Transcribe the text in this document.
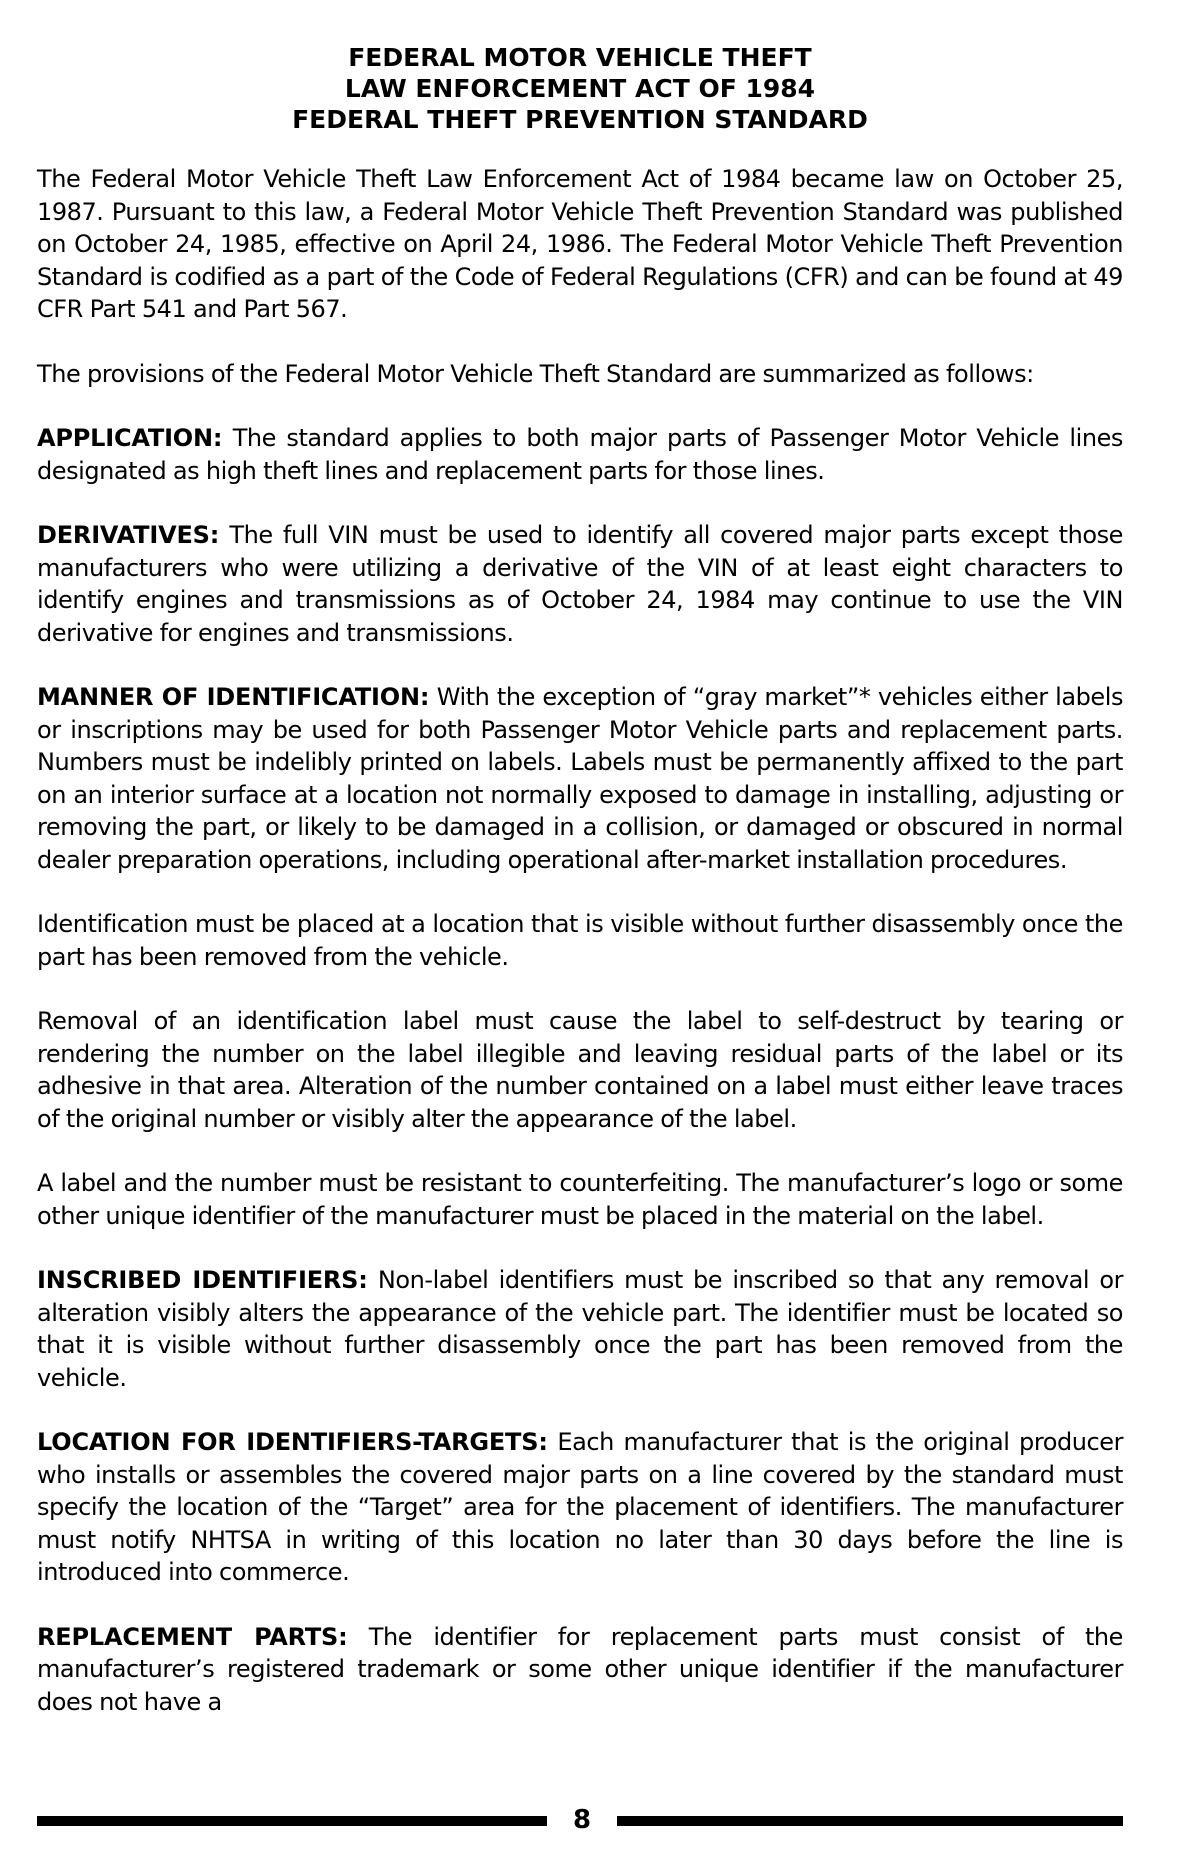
FEDERAL MOTOR VEHICLE THEFT
LAW ENFORCEMENT ACT OF 1984
FEDERAL THEFT PREVENTION STANDARD

The Federal Motor Vehicle Theft Law Enforcement Act of 1984 became law on October 25, 1987. Pursuant to this law, a Federal Motor Vehicle Theft Prevention Standard was published on October 24, 1985, effective on April 24, 1986. The Federal Motor Vehicle Theft Prevention Standard is codified as a part of the Code of Federal Regulations (CFR) and can be found at 49 CFR Part 541 and Part 567.

The provisions of the Federal Motor Vehicle Theft Standard are summarized as follows:

APPLICATION: The standard applies to both major parts of Passenger Motor Vehicle lines designated as high theft lines and replacement parts for those lines.

DERIVATIVES: The full VIN must be used to identify all covered major parts except those manufacturers who were utilizing a derivative of the VIN of at least eight characters to identify engines and transmissions as of October 24, 1984 may continue to use the VIN derivative for engines and transmissions.

MANNER OF IDENTIFICATION: With the exception of “gray market”* vehicles either labels or inscriptions may be used for both Passenger Motor Vehicle parts and replacement parts. Numbers must be indelibly printed on labels. Labels must be permanently affixed to the part on an interior surface at a location not normally exposed to damage in installing, adjusting or removing the part, or likely to be damaged in a collision, or damaged or obscured in normal dealer preparation operations, including operational after-market installation procedures.

Identification must be placed at a location that is visible without further disassembly once the part has been removed from the vehicle.

Removal of an identification label must cause the label to self-destruct by tearing or rendering the number on the label illegible and leaving residual parts of the label or its adhesive in that area. Alteration of the number contained on a label must either leave traces of the original number or visibly alter the appearance of the label.

A label and the number must be resistant to counterfeiting. The manufacturer’s logo or some other unique identifier of the manufacturer must be placed in the material on the label.

INSCRIBED IDENTIFIERS: Non-label identifiers must be inscribed so that any removal or alteration visibly alters the appearance of the vehicle part. The identifier must be located so that it is visible without further disassembly once the part has been removed from the vehicle.

LOCATION FOR IDENTIFIERS-TARGETS: Each manufacturer that is the original producer who installs or assembles the covered major parts on a line covered by the standard must specify the location of the “Target” area for the placement of identifiers. The manufacturer must notify NHTSA in writing of this location no later than 30 days before the line is introduced into commerce.

REPLACEMENT PARTS: The identifier for replacement parts must consist of the manufacturer’s registered trademark or some other unique identifier if the manufacturer does not have a

8
